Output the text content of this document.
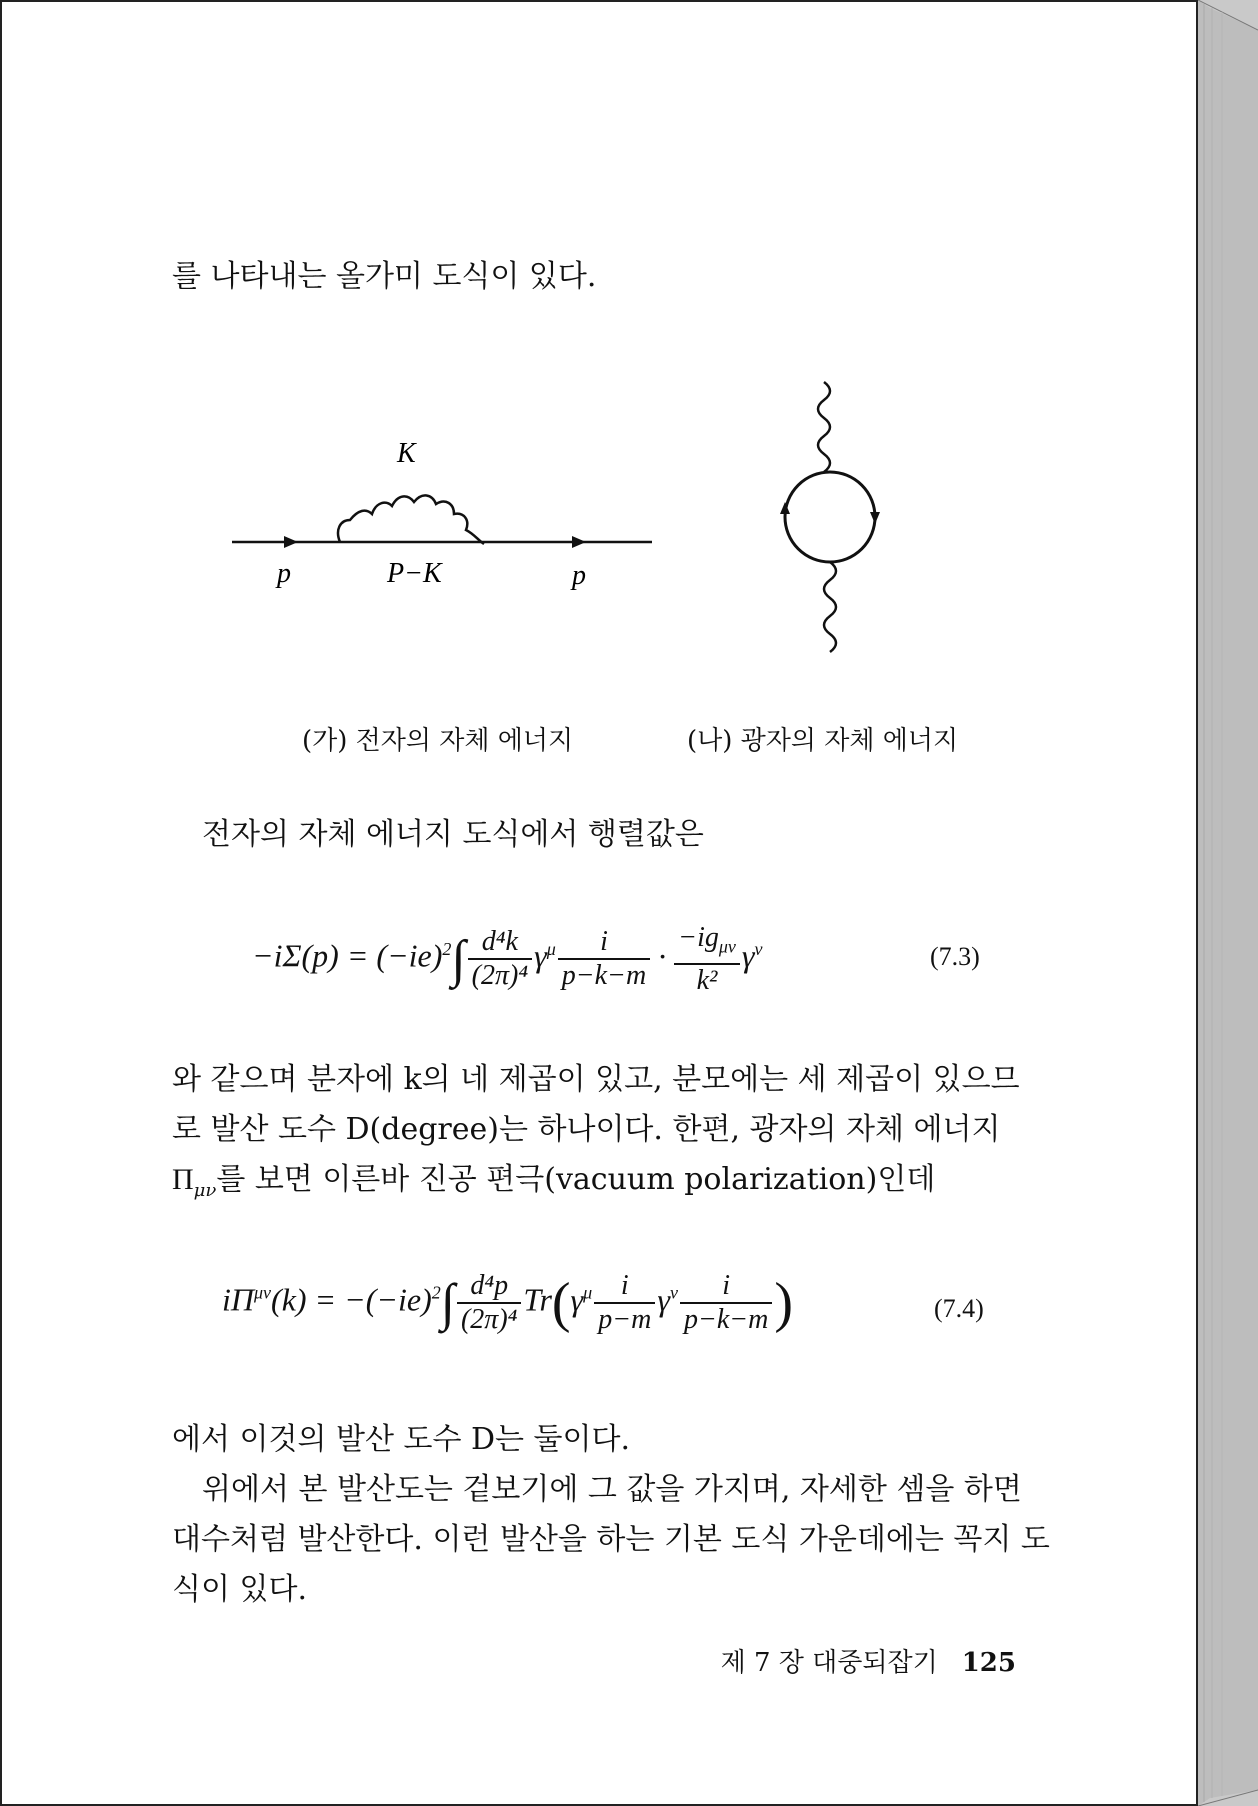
를 나타내는 올가미 도식이 있다.
K
P−K
p	p
(가) 전자의 자체 에너지	(나) 광자의 자체 에너지
전자의 자체 에너지 도식에서 행렬값은
$-i\Sigma(p) = (-ie)^2\int \frac{\text{d⁴k}}{\text{(2π)⁴}} \gamma^\mu \frac{i}{p-k-m} \cdot \frac{-ig_{\mu\nu}}{\text{k²}} \gamma^\nu$	(7.3)
와 같으며 분자에 k의 네 제곱이 있고, 분모에는 세 제곱이 있으므
로 발산 도수 D(degree)는 하나이다. 한편, 광자의 자체 에너지
$\Pi_{\mu\nu}$를 보면 이른바 진공 편극(vacuum polarization)인데
$i\Pi^{\mu\nu}(k) = -(-ie)^2\int \frac{\text{d⁴p}}{\text{(2π)⁴}} Tr(\gamma^\mu \frac{i}{p-m} \gamma^\nu \frac{i}{p-k-m}$ )	(7.4)
에서 이것의 발산 도수 D는 둘이다.
위에서 본 발산도는 겉보기에 그 값을 가지며, 자세한 셈을 하면
대수처럼 발산한다. 이런 발산을 하는 기본 도식 가운데에는 꼭지 도
식이 있다.
제 7 장 대중되잡기 125
